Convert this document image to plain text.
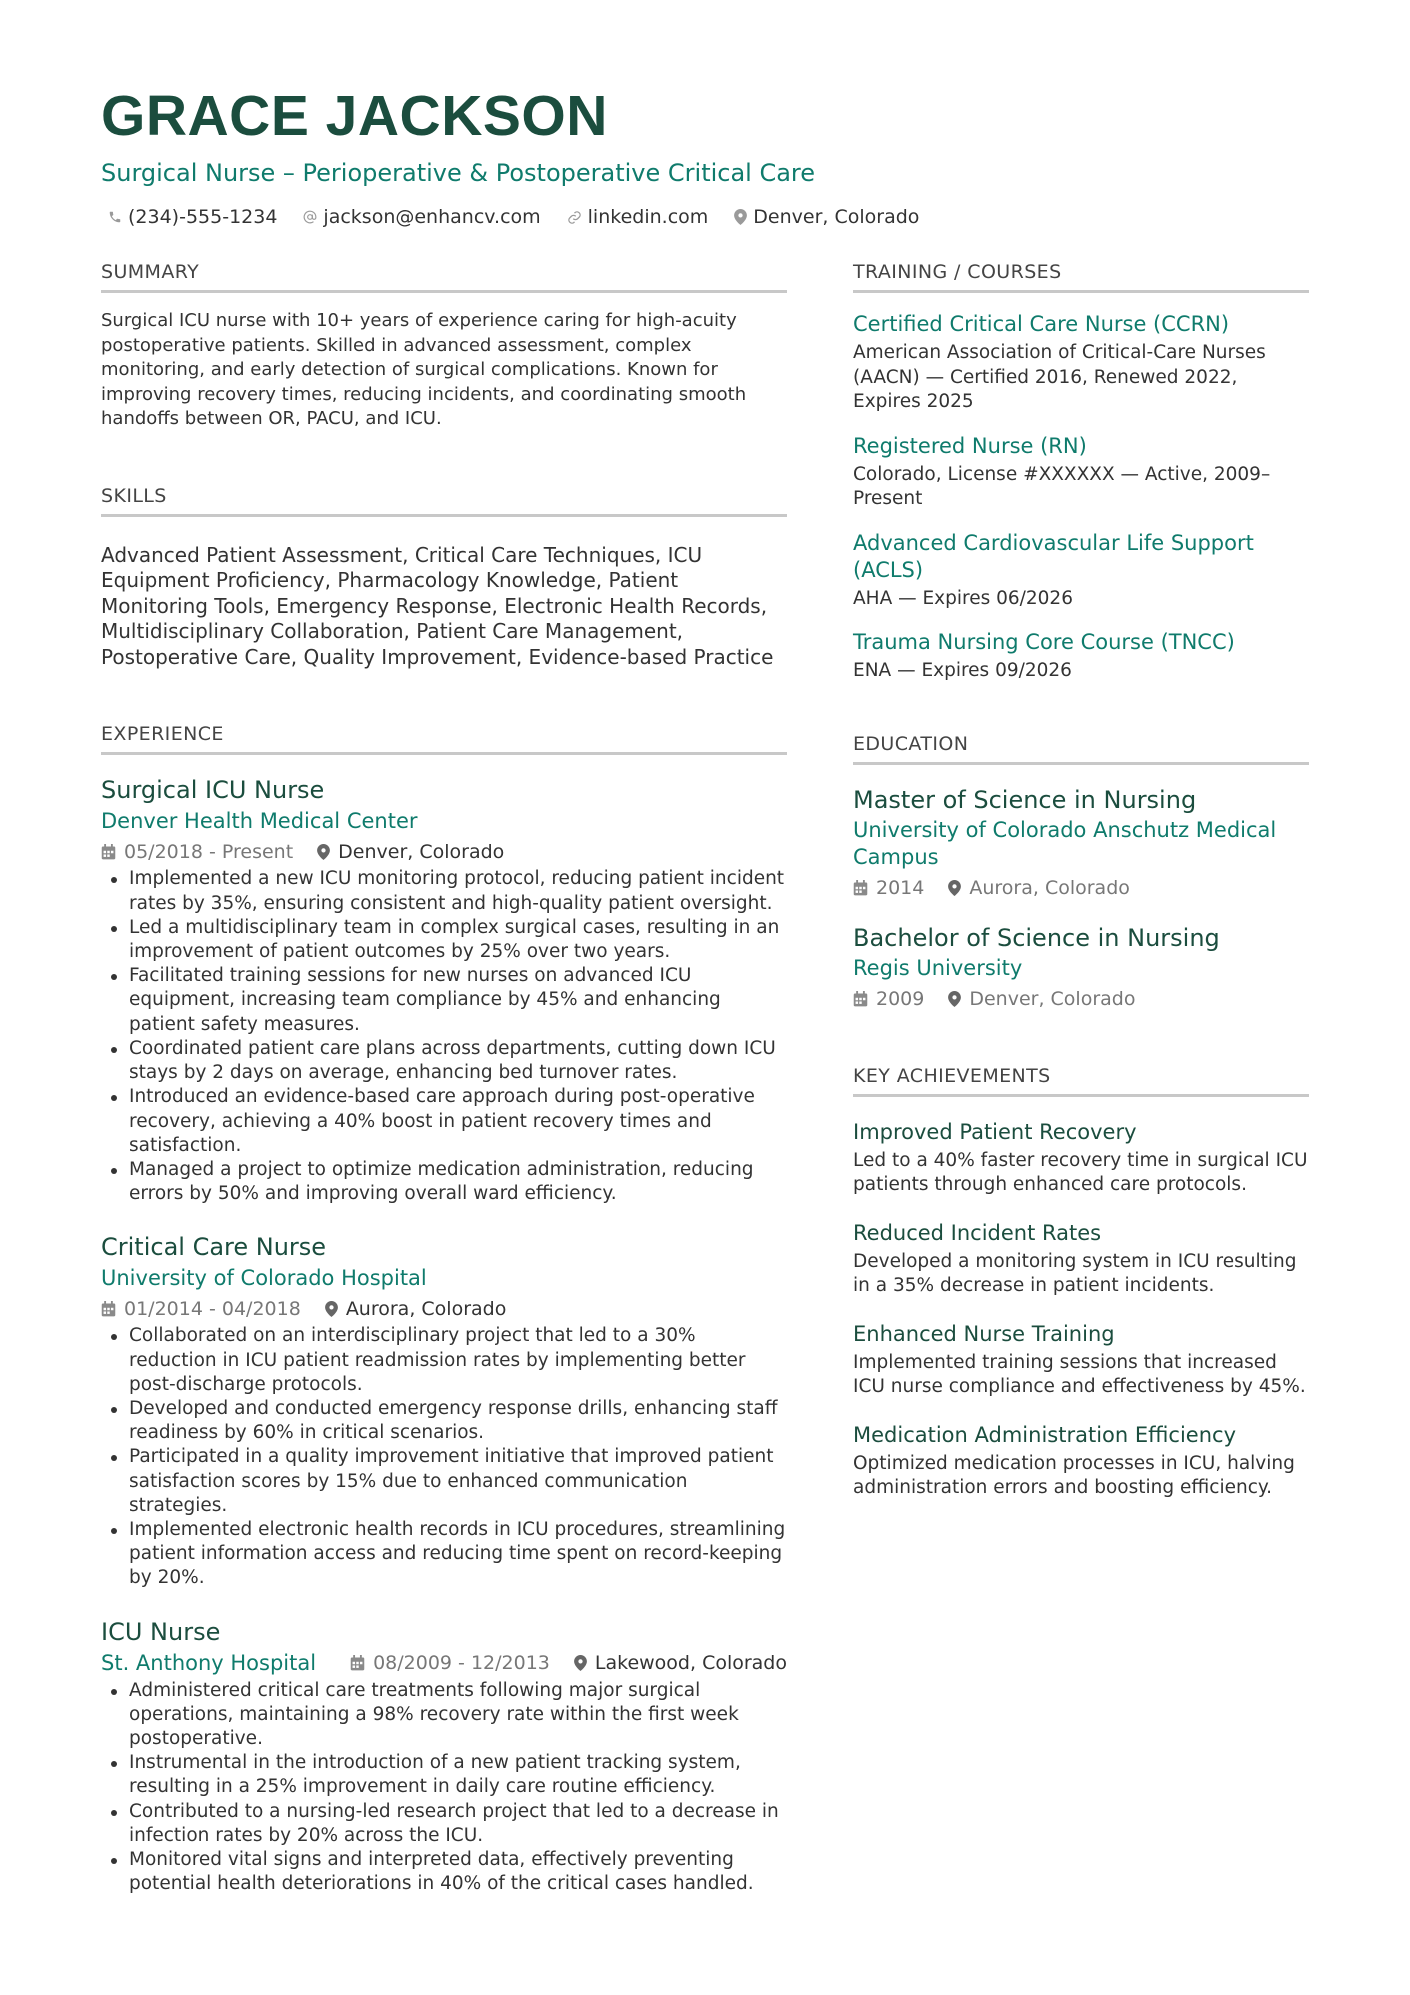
GRACE JACKSON
Surgical Nurse – Perioperative & Postoperative Critical Care
(234)-555-1234 jackson@enhancv.com linkedin.com Denver, Colorado
SUMMARY
Surgical ICU nurse with 10+ years of experience caring for high-acuity postoperative patients. Skilled in advanced assessment, complex monitoring, and early detection of surgical complications. Known for improving recovery times, reducing incidents, and coordinating smooth handoffs between OR, PACU, and ICU.
SKILLS
Advanced Patient Assessment, Critical Care Techniques, ICU Equipment Proficiency, Pharmacology Knowledge, Patient Monitoring Tools, Emergency Response, Electronic Health Records, Multidisciplinary Collaboration, Patient Care Management, Postoperative Care, Quality Improvement, Evidence-based Practice
EXPERIENCE
Surgical ICU Nurse
Denver Health Medical Center
05/2018 - Present Denver, Colorado
Implemented a new ICU monitoring protocol, reducing patient incident rates by 35%, ensuring consistent and high-quality patient oversight.
Led a multidisciplinary team in complex surgical cases, resulting in an improvement of patient outcomes by 25% over two years.
Facilitated training sessions for new nurses on advanced ICU equipment, increasing team compliance by 45% and enhancing patient safety measures.
Coordinated patient care plans across departments, cutting down ICU stays by 2 days on average, enhancing bed turnover rates.
Introduced an evidence-based care approach during post-operative recovery, achieving a 40% boost in patient recovery times and satisfaction.
Managed a project to optimize medication administration, reducing errors by 50% and improving overall ward efficiency.
Critical Care Nurse
University of Colorado Hospital
01/2014 - 04/2018 Aurora, Colorado
Collaborated on an interdisciplinary project that led to a 30% reduction in ICU patient readmission rates by implementing better post-discharge protocols.
Developed and conducted emergency response drills, enhancing staff readiness by 60% in critical scenarios.
Participated in a quality improvement initiative that improved patient satisfaction scores by 15% due to enhanced communication strategies.
Implemented electronic health records in ICU procedures, streamlining patient information access and reducing time spent on record-keeping by 20%.
ICU Nurse
St. Anthony Hospital	08/2009 - 12/2013 Lakewood, Colorado
Administered critical care treatments following major surgical operations, maintaining a 98% recovery rate within the first week postoperative.
Instrumental in the introduction of a new patient tracking system, resulting in a 25% improvement in daily care routine efficiency.
Contributed to a nursing-led research project that led to a decrease in infection rates by 20% across the ICU.
Monitored vital signs and interpreted data, effectively preventing potential health deteriorations in 40% of the critical cases handled.
TRAINING / COURSES
Certified Critical Care Nurse (CCRN)
American Association of Critical-Care Nurses (AACN) — Certified 2016, Renewed 2022, Expires 2025
Registered Nurse (RN)
Colorado, License #XXXXXX — Active, 2009–Present
Advanced Cardiovascular Life Support (ACLS)
AHA — Expires 06/2026
Trauma Nursing Core Course (TNCC)
ENA — Expires 09/2026
EDUCATION
Master of Science in Nursing
University of Colorado Anschutz Medical Campus
2014 Aurora, Colorado
Bachelor of Science in Nursing
Regis University
2009 Denver, Colorado
KEY ACHIEVEMENTS
Improved Patient Recovery
Led to a 40% faster recovery time in surgical ICU patients through enhanced care protocols.
Reduced Incident Rates
Developed a monitoring system in ICU resulting in a 35% decrease in patient incidents.
Enhanced Nurse Training
Implemented training sessions that increased ICU nurse compliance and effectiveness by 45%.
Medication Administration Efficiency
Optimized medication processes in ICU, halving administration errors and boosting efficiency.
